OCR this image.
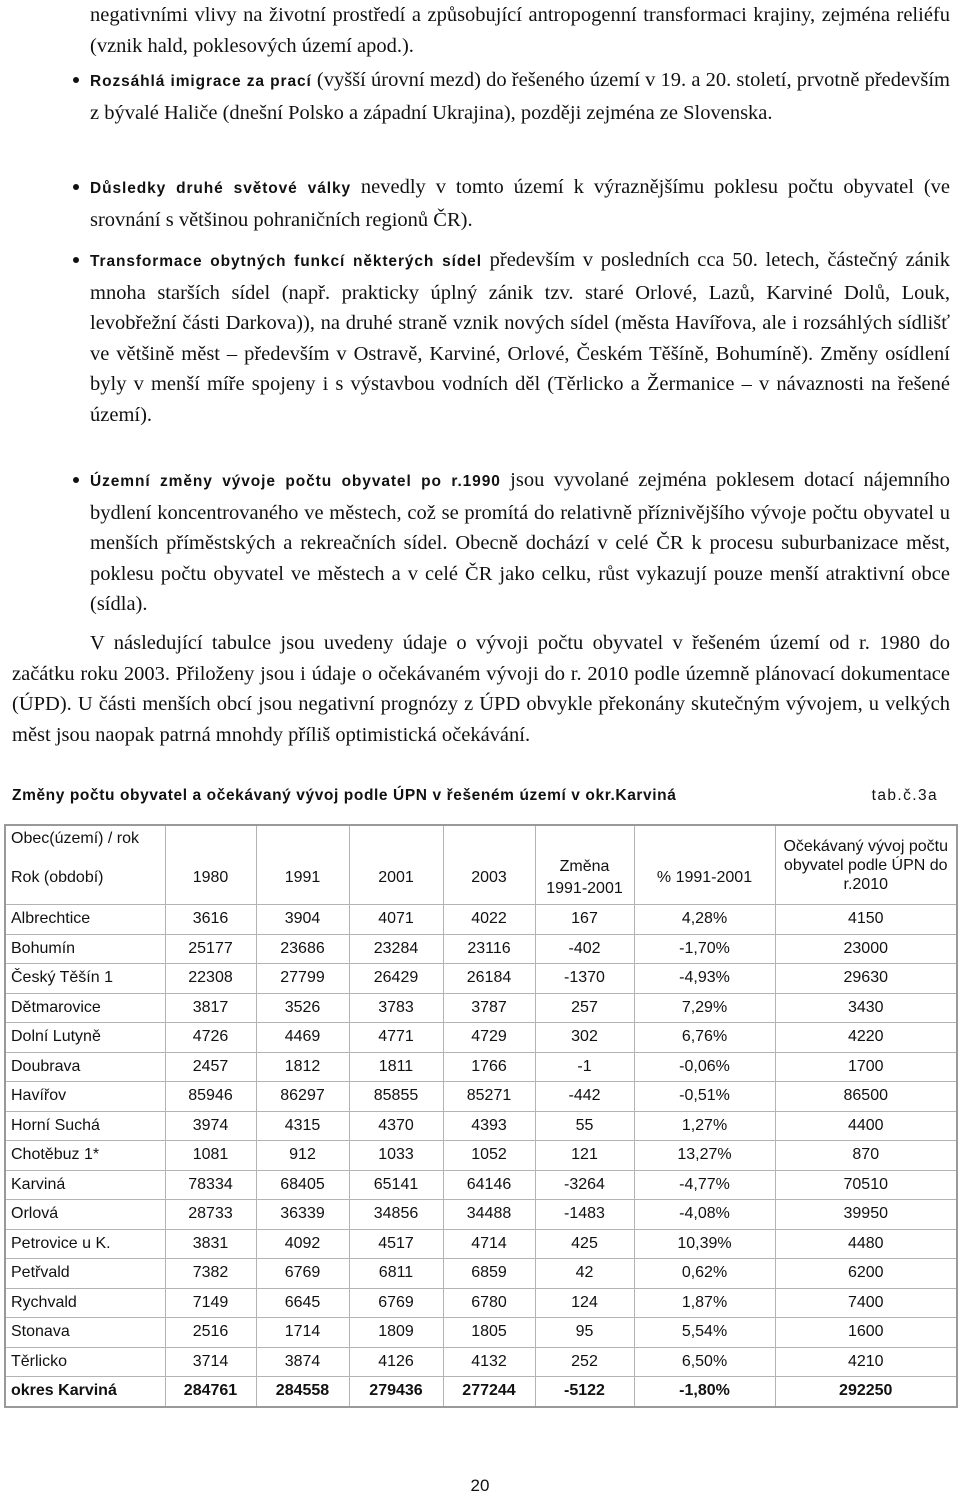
negativními vlivy na životní prostředí a způsobující antropogenní transformaci krajiny, zejména reliéfu (vznik hald, poklesových území apod.).
Rozsáhlá imigrace za prací (vyšší úrovní mezd) do řešeného území v 19. a 20. století, prvotně především z bývalé Haliče (dnešní Polsko a západní Ukrajina), později zejména ze Slovenska.
Důsledky druhé světové války nevedly v tomto území k výraznějšímu poklesu počtu obyvatel (ve srovnání s většinou pohraničních regionů ČR).
Transformace obytných funkcí některých sídel především v posledních cca 50. letech, částečný zánik mnoha starších sídel (např. prakticky úplný zánik tzv. staré Orlové, Lazů, Karviné Dolů, Louk, levobřežní části Darkova)), na druhé straně vznik nových sídel (města Havířova, ale i rozsáhlých sídlišť ve většině měst – především v Ostravě, Karviné, Orlové, Českém Těšíně, Bohumíně). Změny osídlení byly v menší míře spojeny i s výstavbou vodních děl (Těrlicko a Žermanice – v návaznosti na řešené území).
Územní změny vývoje počtu obyvatel po r.1990 jsou vyvolané zejména poklesem dotací nájemního bydlení koncentrovaného ve městech, což se promítá do relativně příznivějšího vývoje počtu obyvatel u menších příměstských a rekreačních sídel. Obecně dochází v celé ČR k procesu suburbanizace měst, poklesu počtu obyvatel ve městech a v celé ČR jako celku, růst vykazují pouze menší atraktivní obce (sídla).
V následující tabulce jsou uvedeny údaje o vývoji počtu obyvatel v řešeném území od r. 1980 do začátku roku 2003. Přiloženy jsou i údaje o očekávaném vývoji do r. 2010 podle územně plánovací dokumentace (ÚPD). U části menších obcí jsou negativní prognózy z ÚPD obvykle překonány skutečným vývojem, u velkých měst jsou naopak patrná mnohdy příliš optimistická očekávání.
Změny počtu obyvatel a očekávaný vývoj podle ÚPN v řešeném území v okr.Karviná	tab.č.3a
Obec(území) / rok							Očekávaný vývoj počtu obyvatel podle ÚPN do r.2010
Rok (období)	1980	1991	2001	2003	Změna 1991-2001	% 1991-2001	
Albrechtice	3616	3904	4071	4022	167	4,28%	4150
Bohumín	25177	23686	23284	23116	-402	-1,70%	23000
Český Těšín 1	22308	27799	26429	26184	-1370	-4,93%	29630
Dětmarovice	3817	3526	3783	3787	257	7,29%	3430
Dolní Lutyně	4726	4469	4771	4729	302	6,76%	4220
Doubrava	2457	1812	1811	1766	-1	-0,06%	1700
Havířov	85946	86297	85855	85271	-442	-0,51%	86500
Horní Suchá	3974	4315	4370	4393	55	1,27%	4400
Chotěbuz 1*	1081	912	1033	1052	121	13,27%	870
Karviná	78334	68405	65141	64146	-3264	-4,77%	70510
Orlová	28733	36339	34856	34488	-1483	-4,08%	39950
Petrovice u K.	3831	4092	4517	4714	425	10,39%	4480
Petřvald	7382	6769	6811	6859	42	0,62%	6200
Rychvald	7149	6645	6769	6780	124	1,87%	7400
Stonava	2516	1714	1809	1805	95	5,54%	1600
Těrlicko	3714	3874	4126	4132	252	6,50%	4210
okres Karviná	284761	284558	279436	277244	-5122	-1,80%	292250
20
